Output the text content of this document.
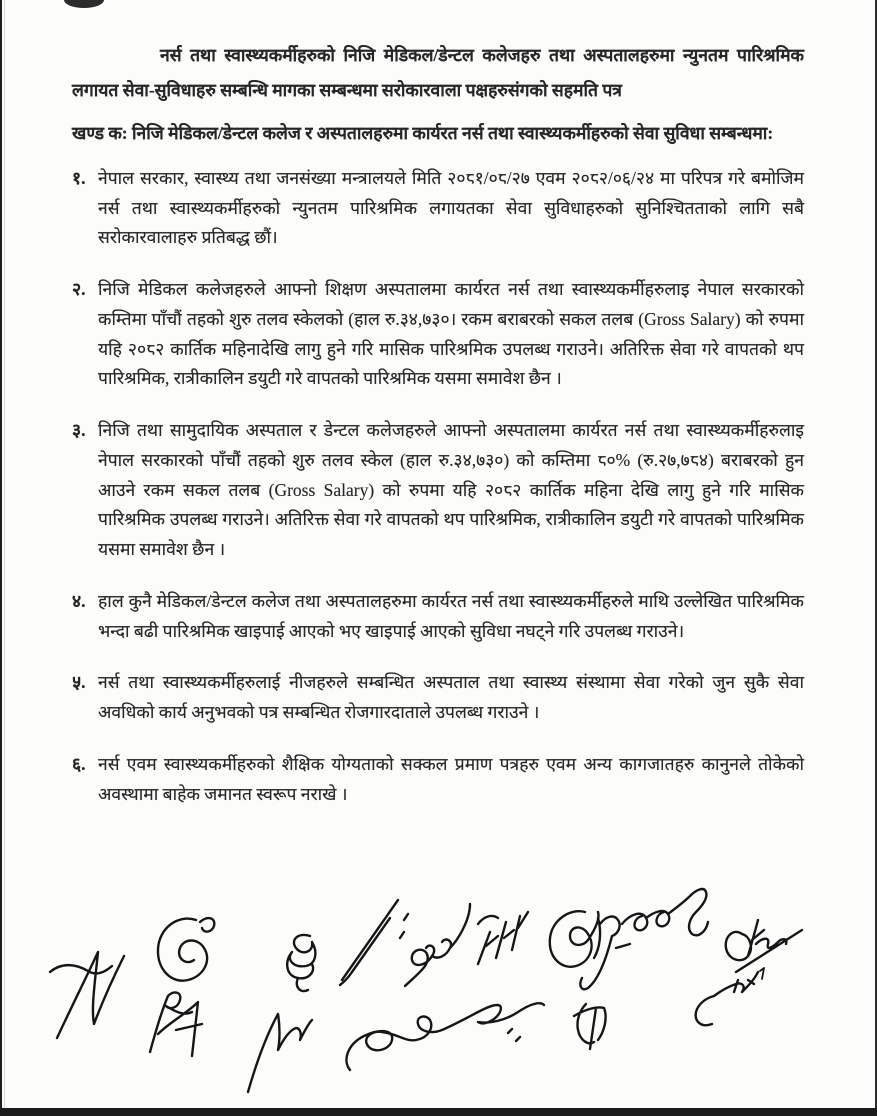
नर्स तथा स्वास्थ्यकर्मीहरुको निजि मेडिकल/डेन्टल कलेजहरु तथा अस्पतालहरुमा न्युनतम पारिश्रमिक लगायत सेवा-सुविधाहरु सम्बन्धि मागका सम्बन्धमा सरोकारवाला पक्षहरुसंगको सहमति पत्र

खण्ड क: निजि मेडिकल/डेन्टल कलेज र अस्पतालहरुमा कार्यरत नर्स तथा स्वास्थ्यकर्मीहरुको सेवा सुविधा सम्बन्धमा:

१. नेपाल सरकार, स्वास्थ्य तथा जनसंख्या मन्त्रालयले मिति २०८१/०८/२७ एवम २०८२/०६/२४ मा परिपत्र गरे बमोजिम नर्स तथा स्वास्थ्यकर्मीहरुको न्युनतम पारिश्रमिक लगायतका सेवा सुविधाहरुको सुनिश्चितताको लागि सबै सरोकारवालाहरु प्रतिबद्ध छौं।
२. निजि मेडिकल कलेजहरुले आफ्नो शिक्षण अस्पतालमा कार्यरत नर्स तथा स्वास्थ्यकर्मीहरुलाइ नेपाल सरकारको कम्तिमा पाँचौं तहको शुरु तलव स्केलको (हाल रु.३४,७३०। रकम बराबरको सकल तलब (Gross Salary) को रुपमा यहि २०८२ कार्तिक महिनादेखि लागु हुने गरि मासिक पारिश्रमिक उपलब्ध गराउने। अतिरिक्त सेवा गरे वापतको थप पारिश्रमिक, रात्रीकालिन डयुटी गरे वापतको पारिश्रमिक यसमा समावेश छैन ।
३. निजि तथा सामुदायिक अस्पताल र डेन्टल कलेजहरुले आफ्नो अस्पतालमा कार्यरत नर्स तथा स्वास्थ्यकर्मीहरुलाइ नेपाल सरकारको पाँचौं तहको शुरु तलव स्केल (हाल रु.३४,७३०) को कम्तिमा ८०% (रु.२७,७८४) बराबरको हुन आउने रकम सकल तलब (Gross Salary) को रुपमा यहि २०८२ कार्तिक महिना देखि लागु हुने गरि मासिक पारिश्रमिक उपलब्ध गराउने। अतिरिक्त सेवा गरे वापतको थप पारिश्रमिक, रात्रीकालिन डयुटी गरे वापतको पारिश्रमिक यसमा समावेश छैन ।
४. हाल कुनै मेडिकल/डेन्टल कलेज तथा अस्पतालहरुमा कार्यरत नर्स तथा स्वास्थ्यकर्मीहरुले माथि उल्लेखित पारिश्रमिक भन्दा बढी पारिश्रमिक खाइपाई आएको भए खाइपाई आएको सुविधा नघट्ने गरि उपलब्ध गराउने।
५. नर्स तथा स्वास्थ्यकर्मीहरुलाई नीजहरुले सम्बन्धित अस्पताल तथा स्वास्थ्य संस्थामा सेवा गरेको जुन सुकै सेवा अवधिको कार्य अनुभवको पत्र सम्बन्धित रोजगारदाताले उपलब्ध गराउने ।
६. नर्स एवम स्वास्थ्यकर्मीहरुको शैक्षिक योग्यताको सक्कल प्रमाण पत्रहरु एवम अन्य कागजातहरु कानुनले तोकेको अवस्थामा बाहेक जमानत स्वरूप नराखे ।
